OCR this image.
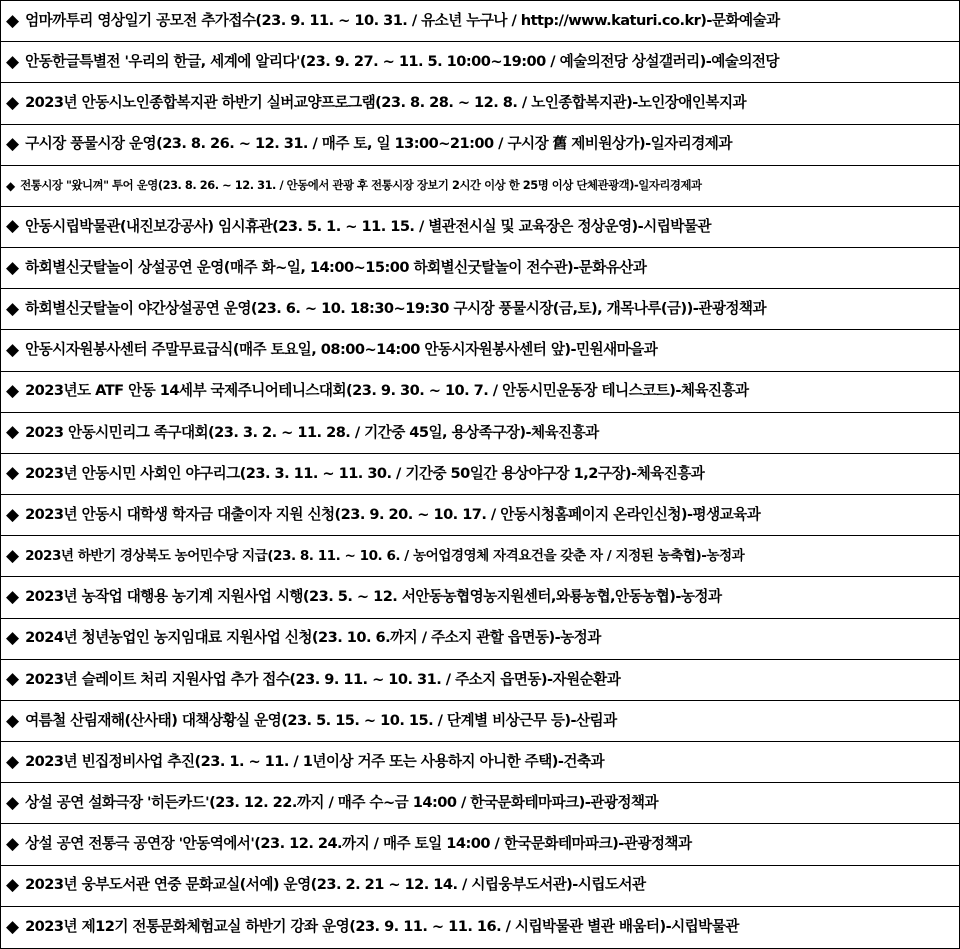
◆ 엄마까투리 영상일기 공모전 추가접수(23. 9. 11. ~ 10. 31. / 유소년 누구나 / http://www.katuri.co.kr)-문화예술과
◆ 안동한글특별전 '우리의 한글, 세계에 알리다'(23. 9. 27. ~ 11. 5. 10:00~19:00 / 예술의전당 상설갤러리)-예술의전당
◆ 2023년 안동시노인종합복지관 하반기 실버교양프로그램(23. 8. 28. ~ 12. 8. / 노인종합복지관)-노인장애인복지과
◆ 구시장 풍물시장 운영(23. 8. 26. ~ 12. 31. / 매주 토, 일 13:00~21:00 / 구시장 舊 제비원상가)-일자리경제과
◆ 전통시장 "왔니껴" 투어 운영(23. 8. 26. ~ 12. 31. / 안동에서 관광 후 전통시장 장보기 2시간 이상 한 25명 이상 단체관광객)-일자리경제과
◆ 안동시립박물관(내진보강공사) 임시휴관(23. 5. 1. ~ 11. 15. / 별관전시실 및 교육장은 정상운영)-시립박물관
◆ 하회별신굿탈놀이 상설공연 운영(매주 화~일, 14:00~15:00 하회별신굿탈놀이 전수관)-문화유산과
◆ 하회별신굿탈놀이 야간상설공연 운영(23. 6. ~ 10. 18:30~19:30 구시장 풍물시장(금,토), 개목나루(금))-관광정책과
◆ 안동시자원봉사센터 주말무료급식(매주 토요일, 08:00~14:00 안동시자원봉사센터 앞)-민원새마을과
◆ 2023년도 ATF 안동 14세부 국제주니어테니스대회(23. 9. 30. ~ 10. 7. / 안동시민운동장 테니스코트)-체육진흥과
◆ 2023 안동시민리그 족구대회(23. 3. 2. ~ 11. 28. / 기간중 45일, 용상족구장)-체육진흥과
◆ 2023년 안동시민 사회인 야구리그(23. 3. 11. ~ 11. 30. / 기간중 50일간 용상야구장 1,2구장)-체육진흥과
◆ 2023년 안동시 대학생 학자금 대출이자 지원 신청(23. 9. 20. ~ 10. 17. / 안동시청홈페이지 온라인신청)-평생교육과
◆ 2023년 하반기 경상북도 농어민수당 지급(23. 8. 11. ~ 10. 6. / 농어업경영체 자격요건을 갖춘 자 / 지정된 농축협)-농정과
◆ 2023년 농작업 대행용 농기계 지원사업 시행(23. 5. ~ 12. 서안동농협영농지원센터,와룡농협,안동농협)-농정과
◆ 2024년 청년농업인 농지임대료 지원사업 신청(23. 10. 6.까지 / 주소지 관할 읍면동)-농정과
◆ 2023년 슬레이트 처리 지원사업 추가 접수(23. 9. 11. ~ 10. 31. / 주소지 읍면동)-자원순환과
◆ 여름철 산림재해(산사태) 대책상황실 운영(23. 5. 15. ~ 10. 15. / 단계별 비상근무 등)-산림과
◆ 2023년 빈집정비사업 추진(23. 1. ~ 11. / 1년이상 거주 또는 사용하지 아니한 주택)-건축과
◆ 상설 공연 설화극장 '히든카드'(23. 12. 22.까지 / 매주 수~금 14:00 / 한국문화테마파크)-관광정책과
◆ 상설 공연 전통극 공연장 '안동역에서'(23. 12. 24.까지 / 매주 토일 14:00 / 한국문화테마파크)-관광정책과
◆ 2023년 웅부도서관 연중 문화교실(서예) 운영(23. 2. 21 ~ 12. 14. / 시립웅부도서관)-시립도서관
◆ 2023년 제12기 전통문화체험교실 하반기 강좌 운영(23. 9. 11. ~ 11. 16. / 시립박물관 별관 배움터)-시립박물관
